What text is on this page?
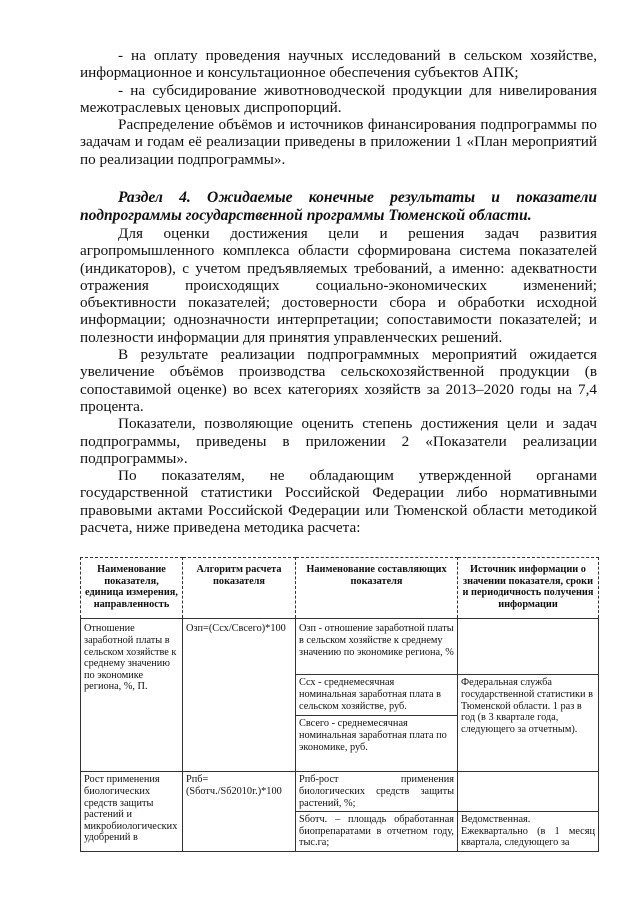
- на оплату проведения научных исследований в сельском хозяйстве, информационное и консультационное обеспечения субъектов АПК;

- на субсидирование животноводческой продукции для нивелирования межотраслевых ценовых диспропорций.

Распределение объёмов и источников финансирования подпрограммы по задачам и годам её реализации приведены в приложении 1 «План мероприятий по реализации подпрограммы».

Раздел 4. Ожидаемые конечные результаты и показатели подпрограммы государственной программы Тюменской области.

Для оценки достижения цели и решения задач развития агропромышленного комплекса области сформирована система показателей (индикаторов), с учетом предъявляемых требований, а именно: адекватности отражения происходящих социально-экономических изменений; объективности показателей; достоверности сбора и обработки исходной информации; однозначности интерпретации; сопоставимости показателей; и полезности информации для принятия управленческих решений.

В результате реализации подпрограммных мероприятий ожидается увеличение объёмов производства сельскохозяйственной продукции (в сопоставимой оценке) во всех категориях хозяйств за 2013–2020 годы на 7,4 процента.

Показатели, позволяющие оценить степень достижения цели и задач подпрограммы, приведены в приложении 2 «Показатели реализации подпрограммы».

По показателям, не обладающим утвержденной органами государственной статистики Российской Федерации либо нормативными правовыми актами Российской Федерации или Тюменской области методикой расчета, ниже приведена методика расчета:

Наименование показателя, единица измерения, направленность	Алгоритм расчета показателя	Наименование составляющих показателя	Источник информации о значении показателя, сроки и периодичность получения информации
Отношение заработной платы в сельском хозяйстве к среднему значению по экономике региона, %, П.	Озп=(Ссх/Свсего)*100	Озп - отношение заработной платы в сельском хозяйстве к среднему значению по экономике региона, %	
		Ссх - среднемесячная номинальная заработная плата в сельском хозяйстве, руб.	Федеральная служба государственной статистики в Тюменской области. 1 раз в год (в 3 квартале года, следующего за отчетным).
		Свсего - среднемесячная номинальная заработная плата по экономике, руб.	
Рост применения биологических средств защиты растений и микробиологических удобрений в	Рпб=(Sботч./Sб2010г.)*100	Рпб-рост применения биологических средств защиты растений, %;	
		Sботч. – площадь обработанная биопрепаратами в отчетном году, тыс.га;	Ведомственная. Ежеквартально (в 1 месяц квартала, следующего за
